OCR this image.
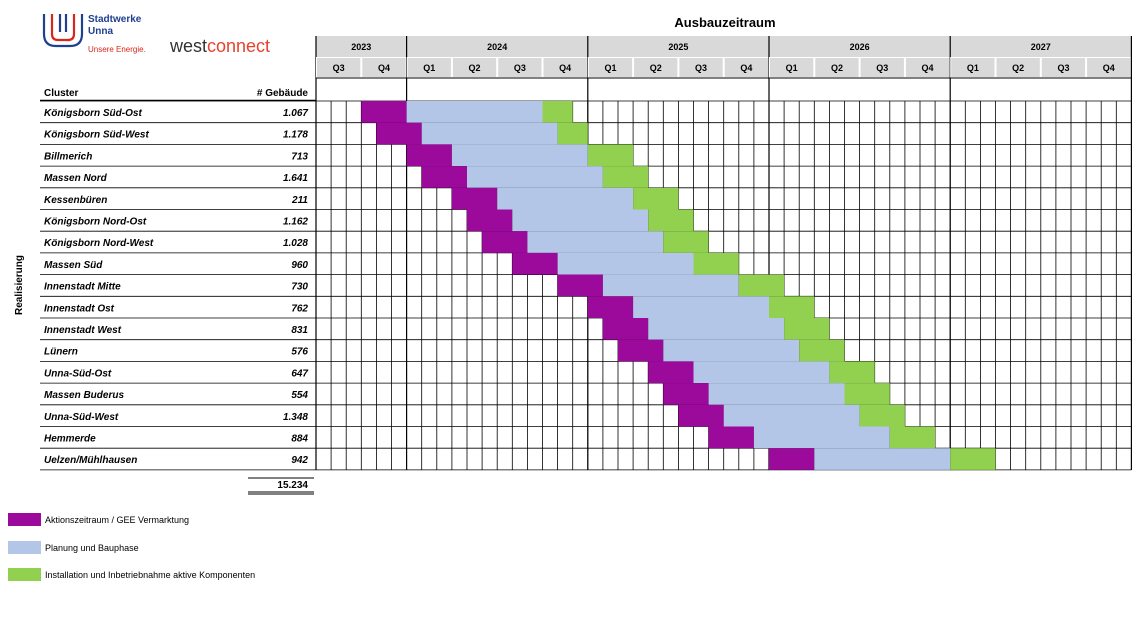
Stadtwerke
Unna
Unsere Energie. westconnect
Ausbauzeitraum
Realisierung
Cluster	# Gebäude
2023
Q3	Q4
2024
Q1	Q2	Q3	Q4
2025
Q1	Q2	Q3	Q4
2026
Q1	Q2	Q3	Q4
2027
Q1	Q2	Q3	Q4
Königsborn Süd-Ost	1.067
Königsborn Süd-West	1.178
Billmerich	713
Massen Nord	1.641
Kessenbüren	211
Königsborn Nord-Ost	1.162
Königsborn Nord-West	1.028
Massen Süd	960
Innenstadt Mitte	730
Innenstadt Ost	762
Innenstadt West	831
Lünern	576
Unna-Süd-Ost	647
Massen Buderus	554
Unna-Süd-West	1.348
Hemmerde	884
Uelzen/Mühlhausen	942
15.234
Aktionszeitraum / GEE Vermarktung
Planung und Bauphase
Installation und Inbetriebnahme aktive Komponenten
